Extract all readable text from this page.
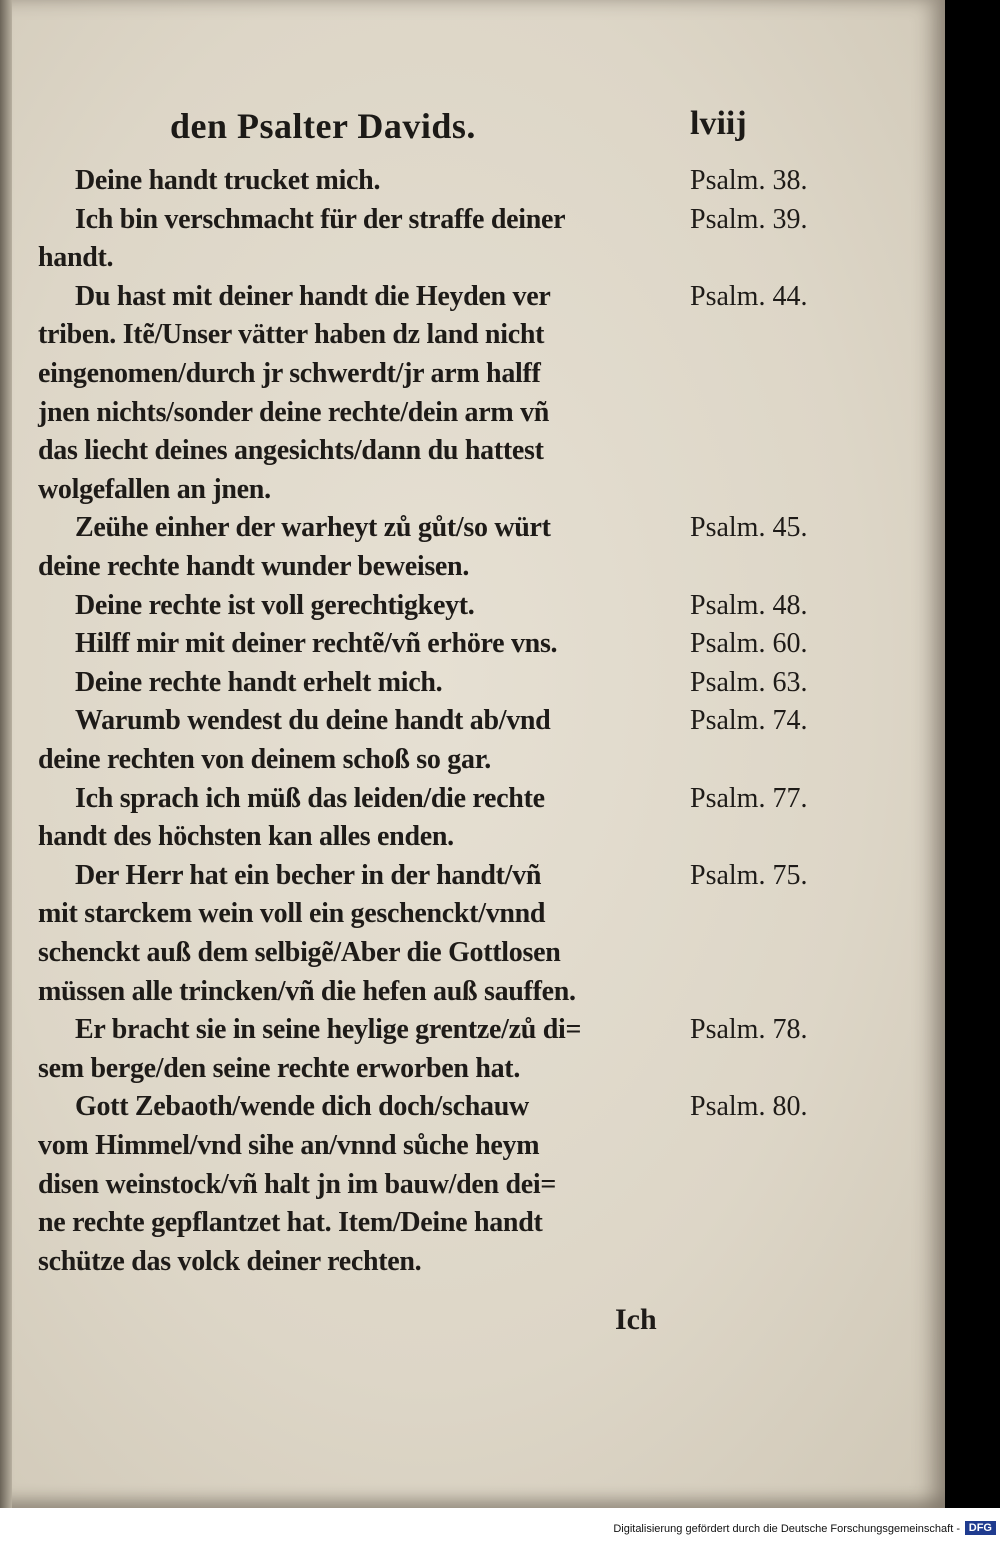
den Psalter Davids.	lviij
Deine handt trucket mich.	Psalm. 38.
Ich bin verschmacht für der straffe deiner	Psalm. 39.
handt.
Du hast mit deiner handt die Heyden ver	Psalm. 44.
triben. Itẽ/Unser vätter haben dz land nicht
eingenomen/durch jr schwerdt/jr arm halff
jnen nichts/sonder deine rechte/dein arm vñ
das liecht deines angesichts/dann du hattest
wolgefallen an jnen.
Zeühe einher der warheyt zů gůt/so würt	Psalm. 45.
deine rechte handt wunder beweisen.
Deine rechte ist voll gerechtigkeyt.	Psalm. 48.
Hilff mir mit deiner rechtẽ/vñ erhöre vns.	Psalm. 60.
Deine rechte handt erhelt mich.	Psalm. 63.
Warumb wendest du deine handt ab/vnd	Psalm. 74.
deine rechten von deinem schoß so gar.
Ich sprach ich müß das leiden/die rechte	Psalm. 77.
handt des höchsten kan alles enden.
Der Herr hat ein becher in der handt/vñ	Psalm. 75.
mit starckem wein voll ein geschenckt/vnnd
schenckt auß dem selbigẽ/Aber die Gottlosen
müssen alle trincken/vñ die hefen auß sauffen.
Er bracht sie in seine heylige grentze/zů di=	Psalm. 78.
sem berge/den seine rechte erworben hat.
Gott Zebaoth/wende dich doch/schauw	Psalm. 80.
vom Himmel/vnd sihe an/vnnd sůche heym
disen weinstock/vñ halt jn im bauw/den dei=
ne rechte gepflantzet hat. Item/Deine handt
schütze das volck deiner rechten.
Ich
Digitalisierung gefördert durch die Deutsche Forschungsgemeinschaft - DFG
